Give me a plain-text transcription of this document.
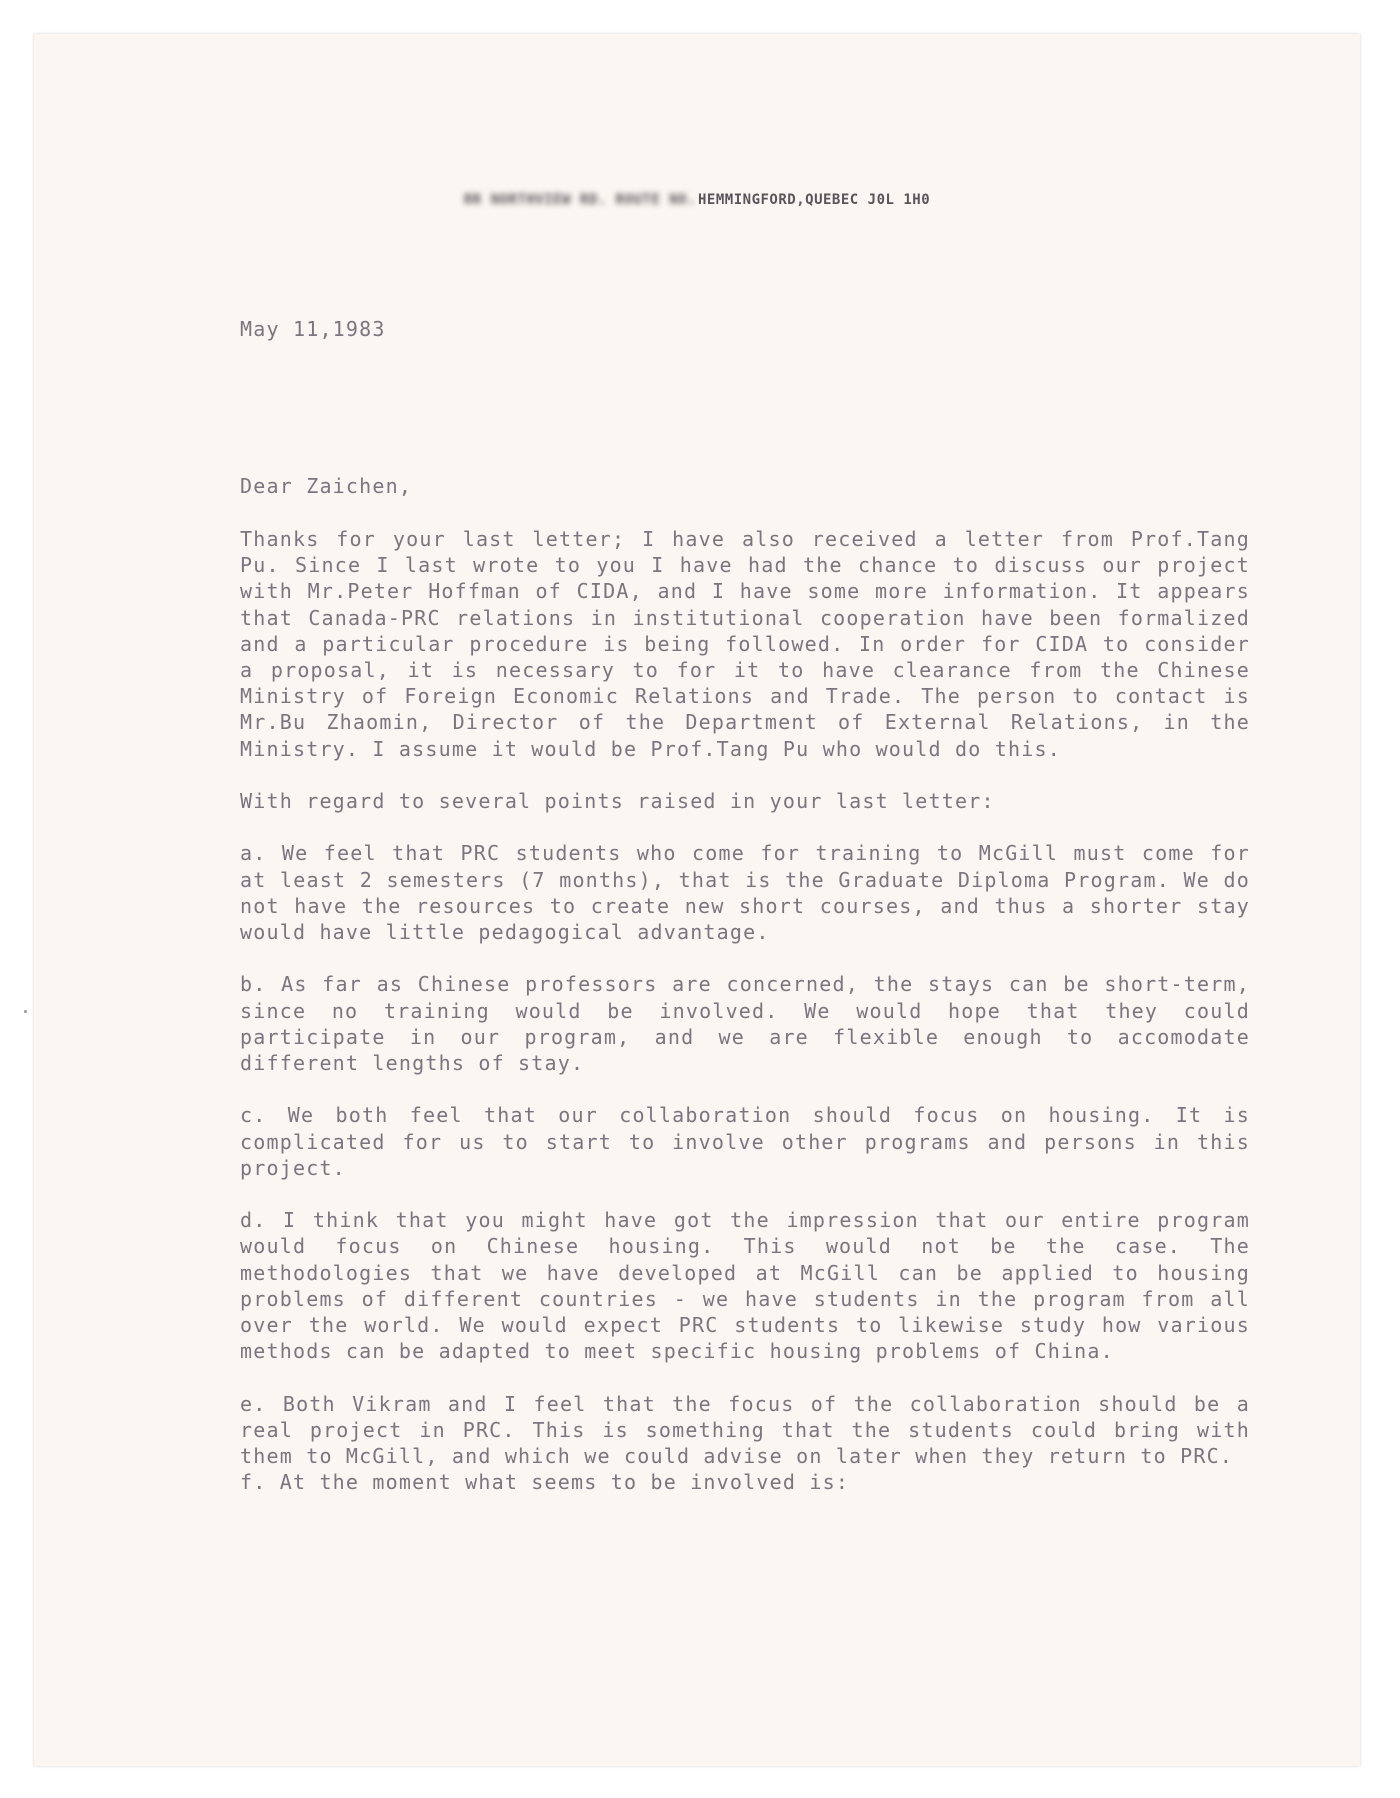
RR NORTHVIEW RD. ROUTE NO. HEMMINGFORD,QUEBEC J0L 1H0
May 11,1983
Dear Zaichen,

Thanks for your last letter; I have also received a letter from Prof.Tang Pu. Since I last wrote to you I have had the chance to discuss our project with Mr.Peter Hoffman of CIDA, and I have some more information. It appears that Canada-PRC relations in institutional cooperation have been formalized and a particular procedure is being followed. In order for CIDA to consider a proposal, it is necessary to for it to have clearance from the Chinese Ministry of Foreign Economic Relations and Trade. The person to contact is Mr.Bu Zhaomin, Director of the Department of External Relations, in the Ministry. I assume it would be Prof.Tang Pu who would do this.

With regard to several points raised in your last letter:

a. We feel that PRC students who come for training to McGill must come for at least 2 semesters (7 months), that is the Graduate Diploma Program. We do not have the resources to create new short courses, and thus a shorter stay would have little pedagogical advantage.

b. As far as Chinese professors are concerned, the stays can be short-term, since no training would be involved. We would hope that they could participate in our program, and we are flexible enough to accomodate different lengths of stay.

c. We both feel that our collaboration should focus on housing. It is complicated for us to start to involve other programs and persons in this project.

d. I think that you might have got the impression that our entire program would focus on Chinese housing. This would not be the case. The methodologies that we have developed at McGill can be applied to housing problems of different countries - we have students in the program from all over the world. We would expect PRC students to likewise study how various methods can be adapted to meet specific housing problems of China.

e. Both Vikram and I feel that the focus of the collaboration should be a real project in PRC. This is something that the students could bring with them to McGill, and which we could advise on later when they return to PRC.

f. At the moment what seems to be involved is:
